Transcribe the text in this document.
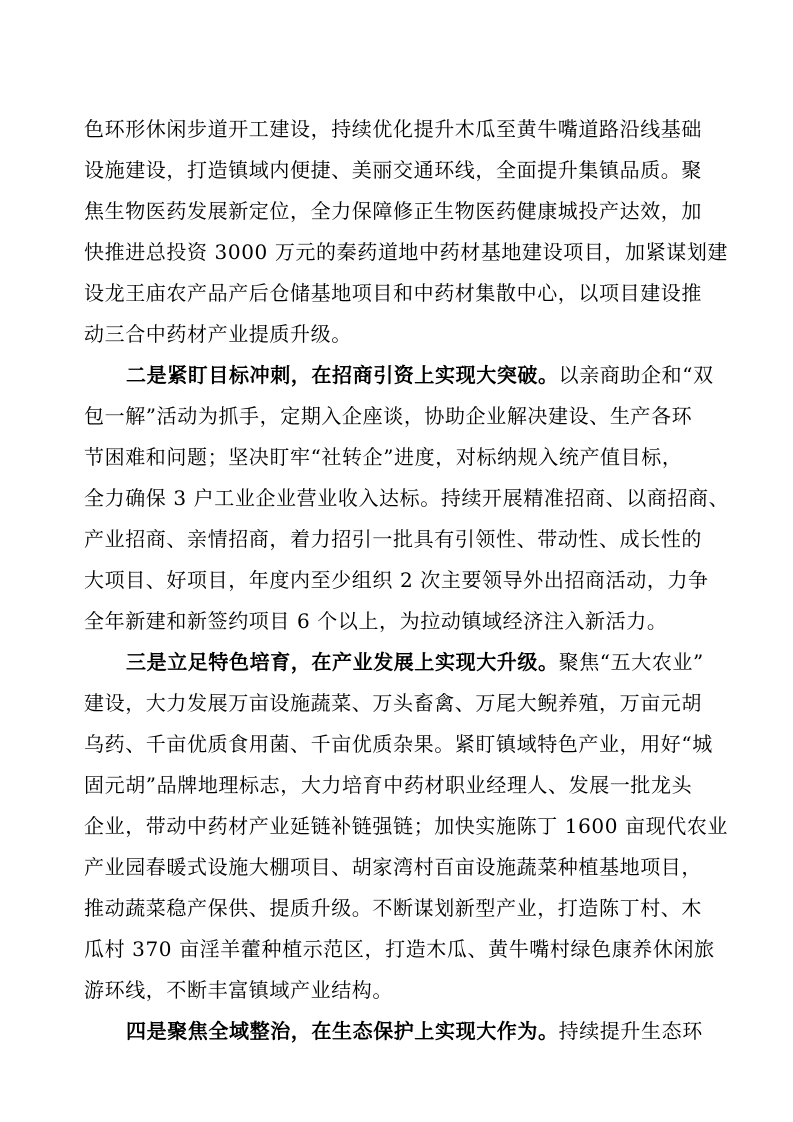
色环形休闲步道开工建设，持续优化提升木瓜至黄牛嘴道路沿线基础
设施建设，打造镇域内便捷、美丽交通环线，全面提升集镇品质。聚
焦生物医药发展新定位，全力保障修正生物医药健康城投产达效，加
快推进总投资 3000 万元的秦药道地中药材基地建设项目，加紧谋划建
设龙王庙农产品产后仓储基地项目和中药材集散中心，以项目建设推
动三合中药材产业提质升级。
二是紧盯目标冲刺，在招商引资上实现大突破。以亲商助企和“双
包一解”活动为抓手，定期入企座谈，协助企业解决建设、生产各环
节困难和问题；坚决盯牢“社转企”进度，对标纳规入统产值目标，
全力确保 3 户工业企业营业收入达标。持续开展精准招商、以商招商、
产业招商、亲情招商，着力招引一批具有引领性、带动性、成长性的
大项目、好项目，年度内至少组织 2 次主要领导外出招商活动，力争
全年新建和新签约项目 6 个以上，为拉动镇域经济注入新活力。
三是立足特色培育，在产业发展上实现大升级。聚焦“五大农业”
建设，大力发展万亩设施蔬菜、万头畜禽、万尾大鲵养殖，万亩元胡
乌药、千亩优质食用菌、千亩优质杂果。紧盯镇域特色产业，用好“城
固元胡”品牌地理标志，大力培育中药材职业经理人、发展一批龙头
企业，带动中药材产业延链补链强链；加快实施陈丁 1600 亩现代农业
产业园春暖式设施大棚项目、胡家湾村百亩设施蔬菜种植基地项目，
推动蔬菜稳产保供、提质升级。不断谋划新型产业，打造陈丁村、木
瓜村 370 亩淫羊藿种植示范区，打造木瓜、黄牛嘴村绿色康养休闲旅
游环线，不断丰富镇域产业结构。
四是聚焦全域整治，在生态保护上实现大作为。持续提升生态环
